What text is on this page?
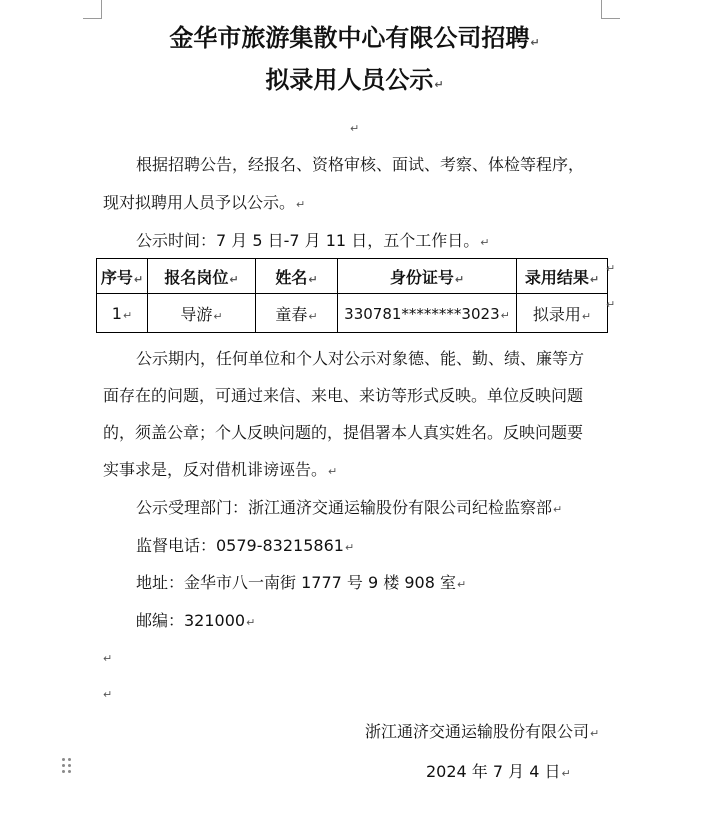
金华市旅游集散中心有限公司招聘↵
拟录用人员公示↵
↵
根据招聘公告，经报名、资格审核、面试、考察、体检等程序，
现对拟聘用人员予以公示。↵
公示时间：7 月 5 日-7 月 11 日，五个工作日。↵
序号↵	报名岗位↵	姓名↵	身份证号↵	录用结果↵
1↵	导游↵	童春↵	330781********3023↵	拟录用↵
↵
↵
公示期内，任何单位和个人对公示对象德、能、勤、绩、廉等方
面存在的问题，可通过来信、来电、来访等形式反映。单位反映问题
的，须盖公章；个人反映问题的，提倡署本人真实姓名。反映问题要
实事求是，反对借机诽谤诬告。↵
公示受理部门：浙江通济交通运输股份有限公司纪检监察部↵
监督电话：0579-83215861↵
地址：金华市八一南街 1777 号 9 楼 908 室↵
邮编：321000↵
↵
↵
浙江通济交通运输股份有限公司↵
2024 年 7 月 4 日↵
